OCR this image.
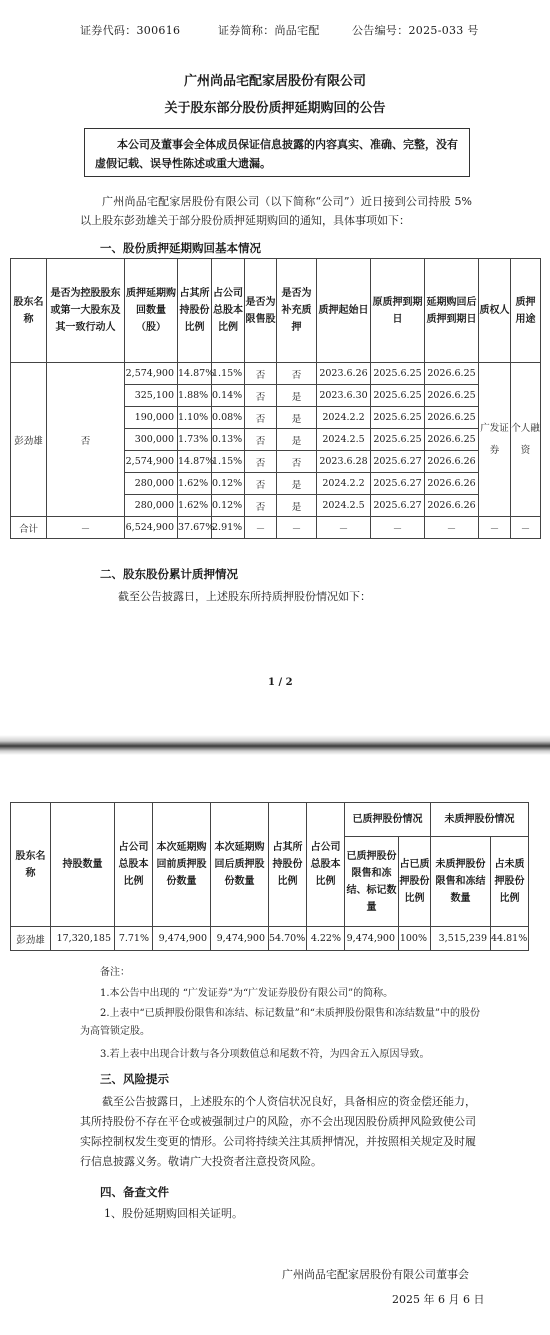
证券代码：300616	证券简称：尚品宅配	公告编号：2025-033 号
广州尚品宅配家居股份有限公司
关于股东部分股份质押延期购回的公告
本公司及董事会全体成员保证信息披露的内容真实、准确、完整，没有虚假记载、误导性陈述或重大遗漏。
广州尚品宅配家居股份有限公司（以下简称“公司”）近日接到公司持股 5%以上股东彭劲雄关于部分股份质押延期购回的通知，具体事项如下：
一、股份质押延期购回基本情况
股东名称	是否为控股股东或第一大股东及其一致行动人	质押延期购回数量（股）	占其所持股份比例	占公司总股本比例	是否为限售股	是否为补充质押	质押起始日	原质押到期日	延期购回后质押到期日	质权人	质押用途
彭劲雄	否	2,574,900	14.87%	1.15%	否	否	2023.6.26	2025.6.25	2026.6.25	广发证券	个人融资
		325,100	1.88%	0.14%	否	是	2023.6.30	2025.6.25	2026.6.25		
		190,000	1.10%	0.08%	否	是	2024.2.2	2025.6.25	2026.6.25		
		300,000	1.73%	0.13%	否	是	2024.2.5	2025.6.25	2026.6.25		
		2,574,900	14.87%	1.15%	否	否	2023.6.28	2025.6.27	2026.6.26		
		280,000	1.62%	0.12%	否	是	2024.2.2	2025.6.27	2026.6.26		
		280,000	1.62%	0.12%	否	是	2024.2.5	2025.6.27	2026.6.26		
合计	－	6,524,900	37.67%	2.91%	－	－	－	－	－	－	－
二、股东股份累计质押情况
截至公告披露日，上述股东所持质押股份情况如下：
1 / 2
股东名称	持股数量	占公司总股本比例	本次延期购回前质押股份数量	本次延期购回后质押股份数量	占其所持股份比例	占公司总股本比例	已质押股份情况		未质押股份情况	
							已质押股份限售和冻结、标记数量	占已质押股份比例	未质押股份限售和冻结数量	占未质押股份比例
彭劲雄	17,320,185	7.71%	9,474,900	9,474,900	54.70%	4.22%	9,474,900	100%	3,515,239	44.81%
备注：
1.本公告中出现的 “广发证券”为“广发证券股份有限公司”的简称。
2.上表中“已质押股份限售和冻结、标记数量”和“未质押股份限售和冻结数量”中的股份为高管锁定股。
3.若上表中出现合计数与各分项数值总和尾数不符，为四舍五入原因导致。
三、风险提示
截至公告披露日，上述股东的个人资信状况良好，具备相应的资金偿还能力，其所持股份不存在平仓或被强制过户的风险，亦不会出现因股份质押风险致使公司实际控制权发生变更的情形。公司将持续关注其质押情况，并按照相关规定及时履行信息披露义务。敬请广大投资者注意投资风险。
四、备查文件
1、股份延期购回相关证明。
广州尚品宅配家居股份有限公司董事会
2025 年 6 月 6 日
